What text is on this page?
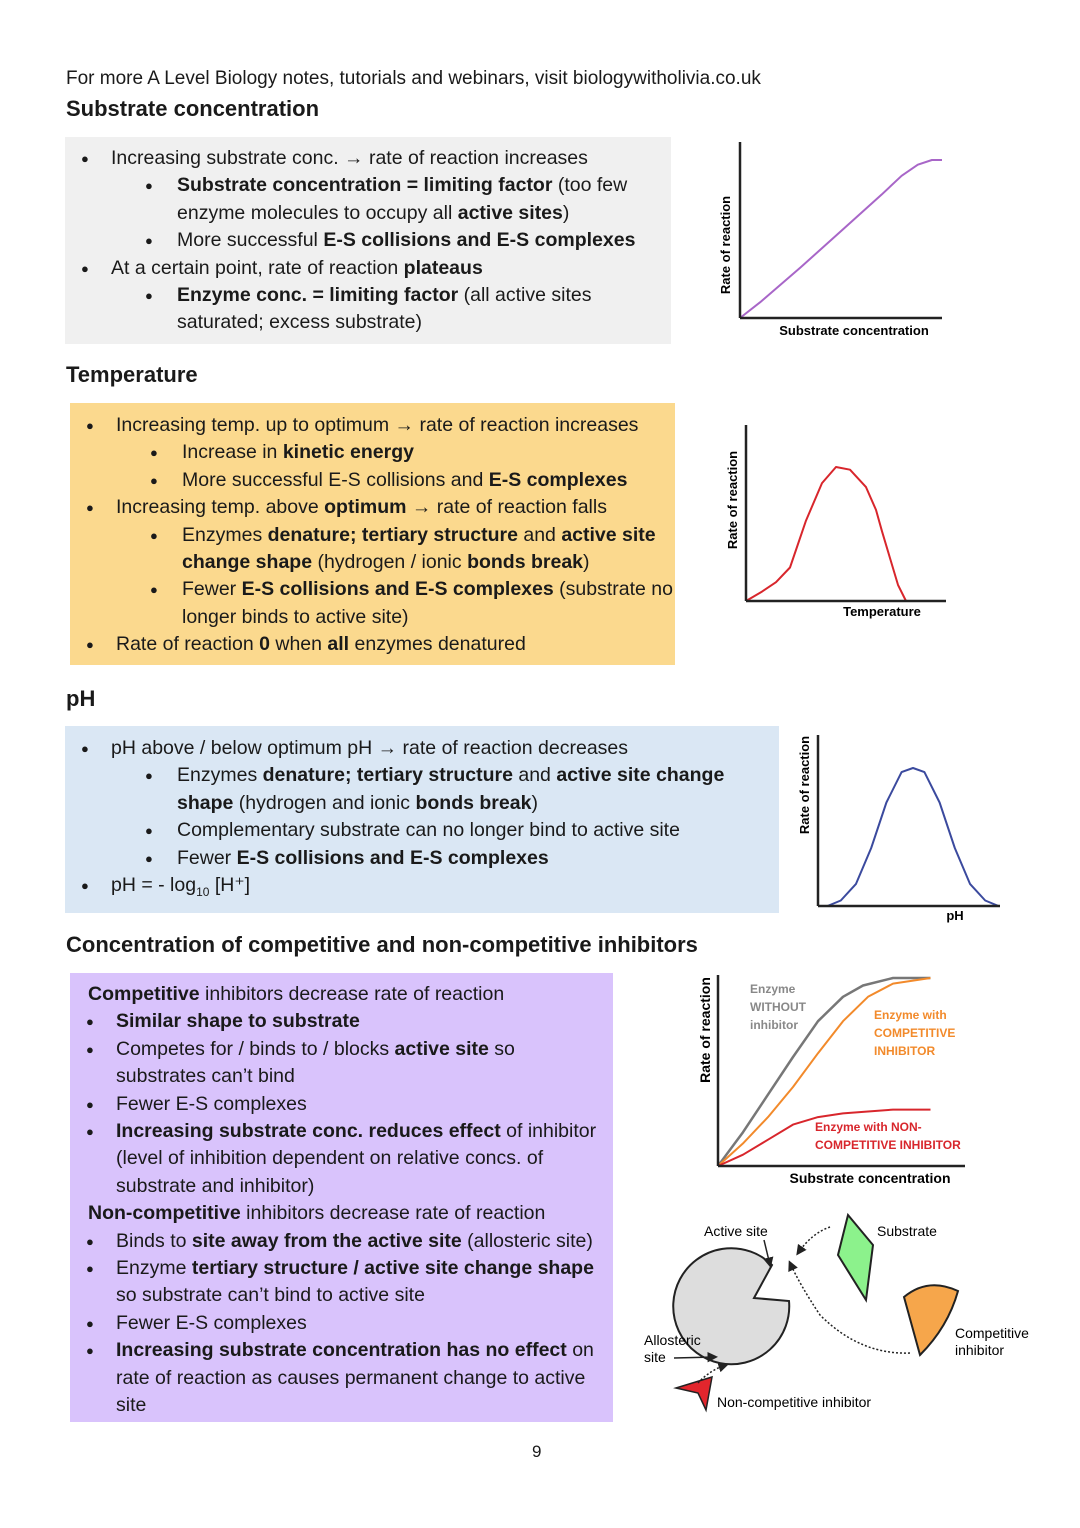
For more A Level Biology notes, tutorials and webinars, visit biologywitholivia.co.uk
Substrate concentration
● Increasing substrate conc. → rate of reaction increases
● Substrate concentration = limiting factor (too few
enzyme molecules to occupy all active sites)
● More successful E-S collisions and E-S complexes
● At a certain point, rate of reaction plateaus
● Enzyme conc. = limiting factor (all active sites
saturated; excess substrate)
Temperature
● Increasing temp. up to optimum → rate of reaction increases
● Increase in kinetic energy
● More successful E-S collisions and E-S complexes
● Increasing temp. above optimum → rate of reaction falls
● Enzymes denature; tertiary structure and active site
change shape (hydrogen / ionic bonds break)
● Fewer E-S collisions and E-S complexes (substrate no
longer binds to active site)
● Rate of reaction 0 when all enzymes denatured
pH
● pH above / below optimum pH → rate of reaction decreases
● Enzymes denature; tertiary structure and active site change
shape (hydrogen and ionic bonds break)
● Complementary substrate can no longer bind to active site
● Fewer E-S collisions and E-S complexes
● pH = - $\log_{10} [H^+]$
Concentration of competitive and non-competitive inhibitors
Competitive inhibitors decrease rate of reaction
● Similar shape to substrate
● Competes for / binds to / blocks active site so
substrates can’t bind
● Fewer E-S complexes
● Increasing substrate conc. reduces effect of inhibitor
(level of inhibition dependent on relative concs. of
substrate and inhibitor)
Non-competitive inhibitors decrease rate of reaction
● Binds to site away from the active site (allosteric site)
● Enzyme tertiary structure / active site change shape
so substrate can’t bind to active site
● Fewer E-S complexes
● Increasing substrate concentration has no effect on
rate of reaction as causes permanent change to active
site
Rate of reaction
Substrate concentration
Rate of reaction
Temperature
Rate of reaction
pH
Rate of reaction
Substrate concentration
Enzyme
WITHOUT
inhibitor
Enzyme with
COMPETITIVE
INHIBITOR
Enzyme with NON-
COMPETITIVE INHIBITOR
Active site	Substrate
Allosteric
site
Competitive
inhibitor
Non-competitive inhibitor
9
